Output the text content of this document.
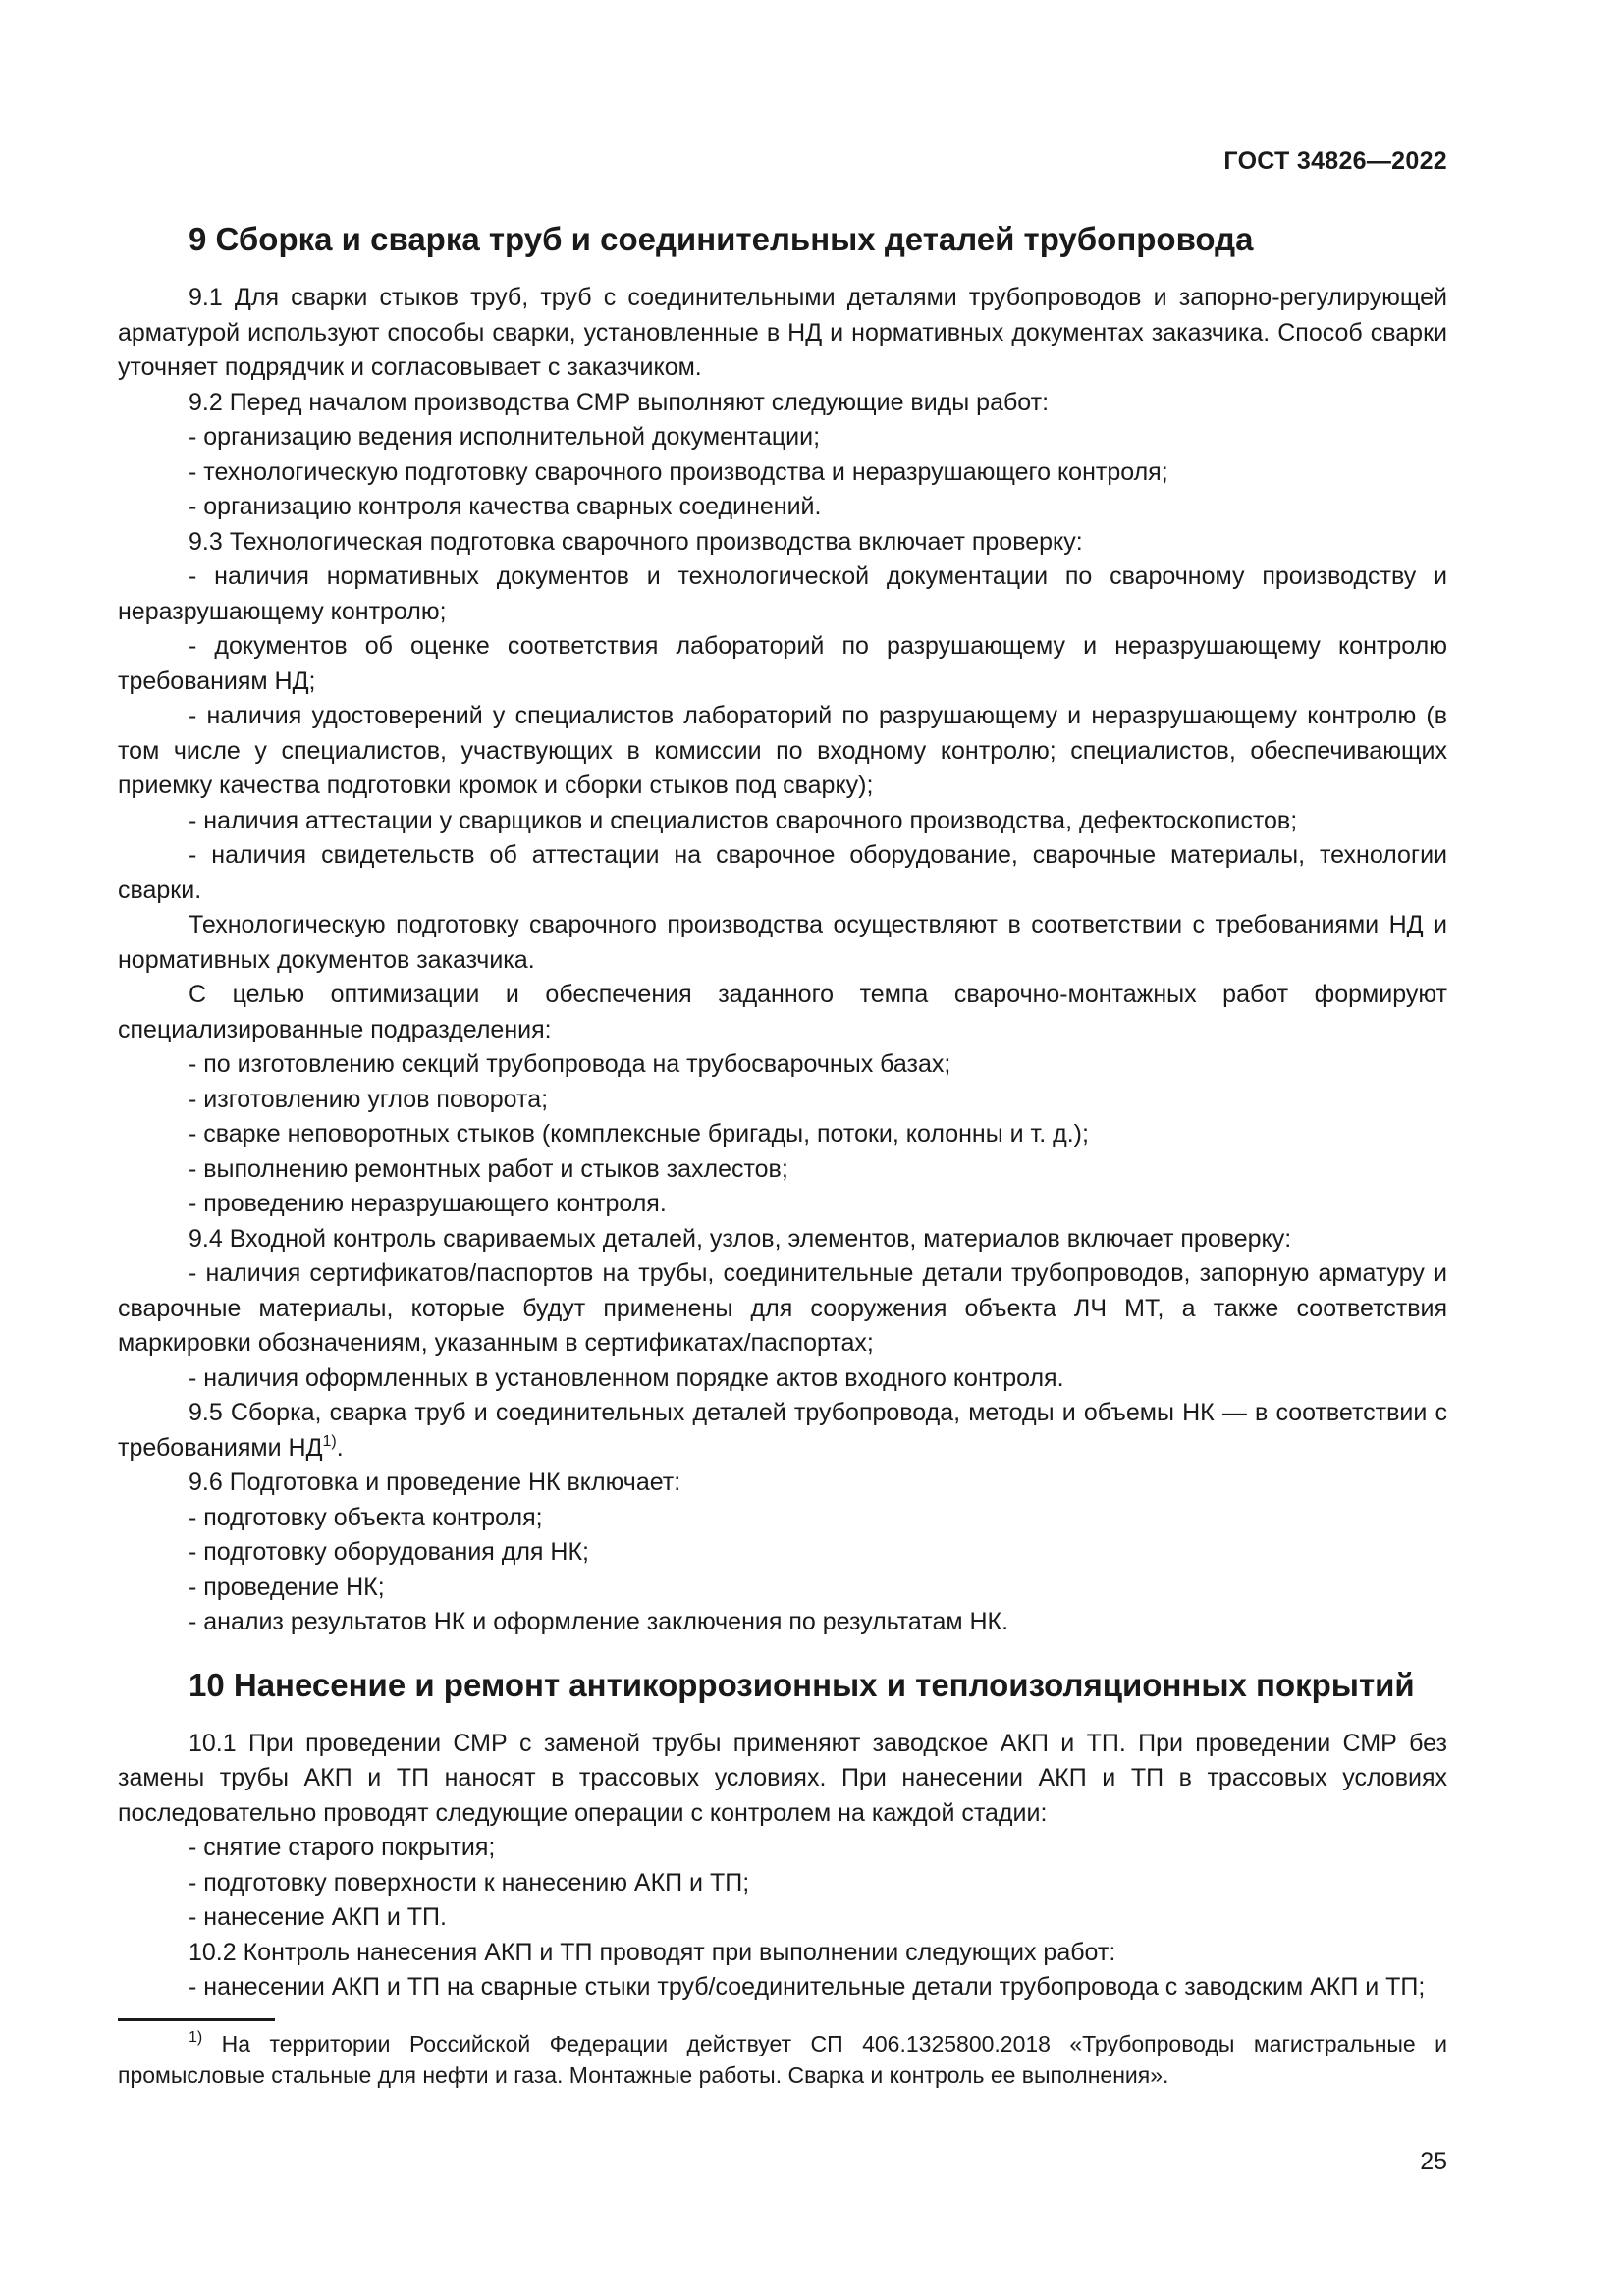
ГОСТ 34826—2022
9 Сборка и сварка труб и соединительных деталей трубопровода
9.1 Для сварки стыков труб, труб с соединительными деталями трубопроводов и запорно-регулирующей арматурой используют способы сварки, установленные в НД и нормативных документах заказчика. Способ сварки уточняет подрядчик и согласовывает с заказчиком.
9.2 Перед началом производства СМР выполняют следующие виды работ:
- организацию ведения исполнительной документации;
- технологическую подготовку сварочного производства и неразрушающего контроля;
- организацию контроля качества сварных соединений.
9.3 Технологическая подготовка сварочного производства включает проверку:
- наличия нормативных документов и технологической документации по сварочному производству и неразрушающему контролю;
- документов об оценке соответствия лабораторий по разрушающему и неразрушающему контролю требованиям НД;
- наличия удостоверений у специалистов лабораторий по разрушающему и неразрушающему контролю (в том числе у специалистов, участвующих в комиссии по входному контролю; специалистов, обеспечивающих приемку качества подготовки кромок и сборки стыков под сварку);
- наличия аттестации у сварщиков и специалистов сварочного производства, дефектоскопистов;
- наличия свидетельств об аттестации на сварочное оборудование, сварочные материалы, технологии сварки.
Технологическую подготовку сварочного производства осуществляют в соответствии с требованиями НД и нормативных документов заказчика.
С целью оптимизации и обеспечения заданного темпа сварочно-монтажных работ формируют специализированные подразделения:
- по изготовлению секций трубопровода на трубосварочных базах;
- изготовлению углов поворота;
- сварке неповоротных стыков (комплексные бригады, потоки, колонны и т. д.);
- выполнению ремонтных работ и стыков захлестов;
- проведению неразрушающего контроля.
9.4 Входной контроль свариваемых деталей, узлов, элементов, материалов включает проверку:
- наличия сертификатов/паспортов на трубы, соединительные детали трубопроводов, запорную арматуру и сварочные материалы, которые будут применены для сооружения объекта ЛЧ МТ, а также соответствия маркировки обозначениям, указанным в сертификатах/паспортах;
- наличия оформленных в установленном порядке актов входного контроля.
9.5 Сборка, сварка труб и соединительных деталей трубопровода, методы и объемы НК — в соответствии с требованиями НД$^{1)}$.
9.6 Подготовка и проведение НК включает:
- подготовку объекта контроля;
- подготовку оборудования для НК;
- проведение НК;
- анализ результатов НК и оформление заключения по результатам НК.
10 Нанесение и ремонт антикоррозионных и теплоизоляционных покрытий
10.1 При проведении СМР с заменой трубы применяют заводское АКП и ТП. При проведении СМР без замены трубы АКП и ТП наносят в трассовых условиях. При нанесении АКП и ТП в трассовых условиях последовательно проводят следующие операции с контролем на каждой стадии:
- снятие старого покрытия;
- подготовку поверхности к нанесению АКП и ТП;
- нанесение АКП и ТП.
10.2 Контроль нанесения АКП и ТП проводят при выполнении следующих работ:
- нанесении АКП и ТП на сварные стыки труб/соединительные детали трубопровода с заводским АКП и ТП;
$^{1)}$ На территории Российской Федерации действует СП 406.1325800.2018 «Трубопроводы магистральные и промысловые стальные для нефти и газа. Монтажные работы. Сварка и контроль ее выполнения».
25
